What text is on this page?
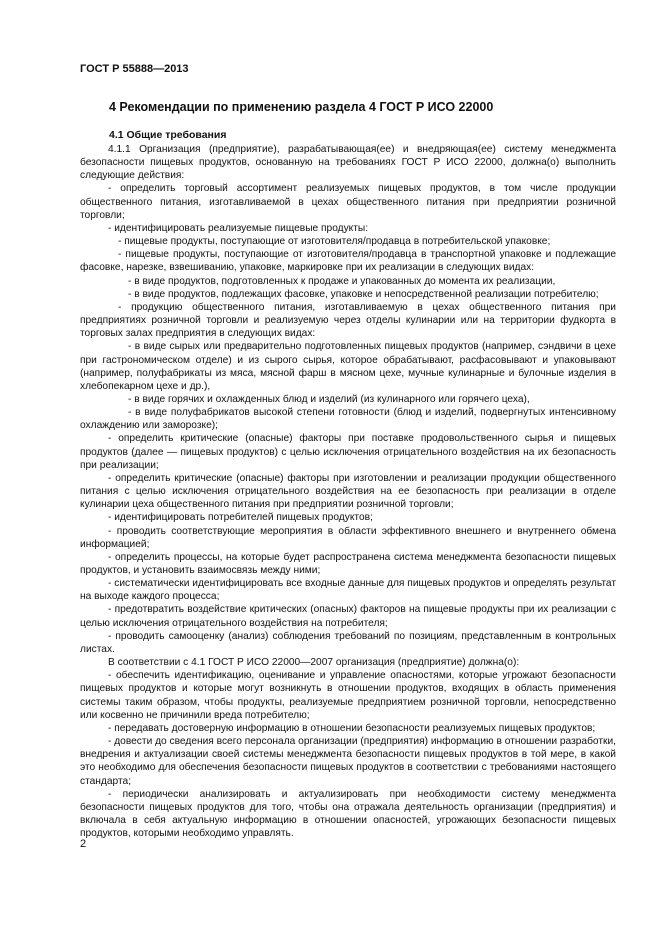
ГОСТ Р 55888—2013
4 Рекомендации по применению раздела 4 ГОСТ Р ИСО 22000
4.1 Общие требования

4.1.1 Организация (предприятие), разрабатывающая(ее) и внедряющая(ее) систему менеджмента безопасности пищевых продуктов, основанную на требованиях ГОСТ Р ИСО 22000, должна(о) выполнить следующие действия:

- определить торговый ассортимент реализуемых пищевых продуктов, в том числе продукции общественного питания, изготавливаемой в цехах общественного питания при предприятии розничной торговли;

- идентифицировать реализуемые пищевые продукты:

- пищевые продукты, поступающие от изготовителя/продавца в потребительской упаковке;

- пищевые продукты, поступающие от изготовителя/продавца в транспортной упаковке и подлежащие фасовке, нарезке, взвешиванию, упаковке, маркировке при их реализации в следующих видах:

- в виде продуктов, подготовленных к продаже и упакованных до момента их реализации,

- в виде продуктов, подлежащих фасовке, упаковке и непосредственной реализации потребителю;

- продукцию общественного питания, изготавливаемую в цехах общественного питания при предприятиях розничной торговли и реализуемую через отделы кулинарии или на территории фудкорта в торговых залах предприятия в следующих видах:

- в виде сырых или предварительно подготовленных пищевых продуктов (например, сэндвичи в цехе при гастрономическом отделе) и из сырого сырья, которое обрабатывают, расфасовывают и упаковывают (например, полуфабрикаты из мяса, мясной фарш в мясном цехе, мучные кулинарные и булочные изделия в хлебопекарном цехе и др.),

- в виде горячих и охлажденных блюд и изделий (из кулинарного или горячего цеха),

- в виде полуфабрикатов высокой степени готовности (блюд и изделий, подвергнутых интенсивному охлаждению или заморозке);

- определить критические (опасные) факторы при поставке продовольственного сырья и пищевых продуктов (далее — пищевых продуктов) с целью исключения отрицательного воздействия на их безопасность при реализации;

- определить критические (опасные) факторы при изготовлении и реализации продукции общественного питания с целью исключения отрицательного воздействия на ее безопасность при реализации в отделе кулинарии цеха общественного питания при предприятии розничной торговли;

- идентифицировать потребителей пищевых продуктов;

- проводить соответствующие мероприятия в области эффективного внешнего и внутреннего обмена информацией;

- определить процессы, на которые будет распространена система менеджмента безопасности пищевых продуктов, и установить взаимосвязь между ними;

- систематически идентифицировать все входные данные для пищевых продуктов и определять результат на выходе каждого процесса;

- предотвратить воздействие критических (опасных) факторов на пищевые продукты при их реализации с целью исключения отрицательного воздействия на потребителя;

- проводить самооценку (анализ) соблюдения требований по позициям, представленным в контрольных листах.

В соответствии с 4.1 ГОСТ Р ИСО 22000—2007 организация (предприятие) должна(о):

- обеспечить идентификацию, оценивание и управление опасностями, которые угрожают безопасности пищевых продуктов и которые могут возникнуть в отношении продуктов, входящих в область применения системы таким образом, чтобы продукты, реализуемые предприятием розничной торговли, непосредственно или косвенно не причинили вреда потребителю;

- передавать достоверную информацию в отношении безопасности реализуемых пищевых продуктов;

- довести до сведения всего персонала организации (предприятия) информацию в отношении разработки, внедрения и актуализации своей системы менеджмента безопасности пищевых продуктов в той мере, в какой это необходимо для обеспечения безопасности пищевых продуктов в соответствии с требованиями настоящего стандарта;

- периодически анализировать и актуализировать при необходимости систему менеджмента безопасности пищевых продуктов для того, чтобы она отражала деятельность организации (предприятия) и включала в себя актуальную информацию в отношении опасностей, угрожающих безопасности пищевых продуктов, которыми необходимо управлять.

2
